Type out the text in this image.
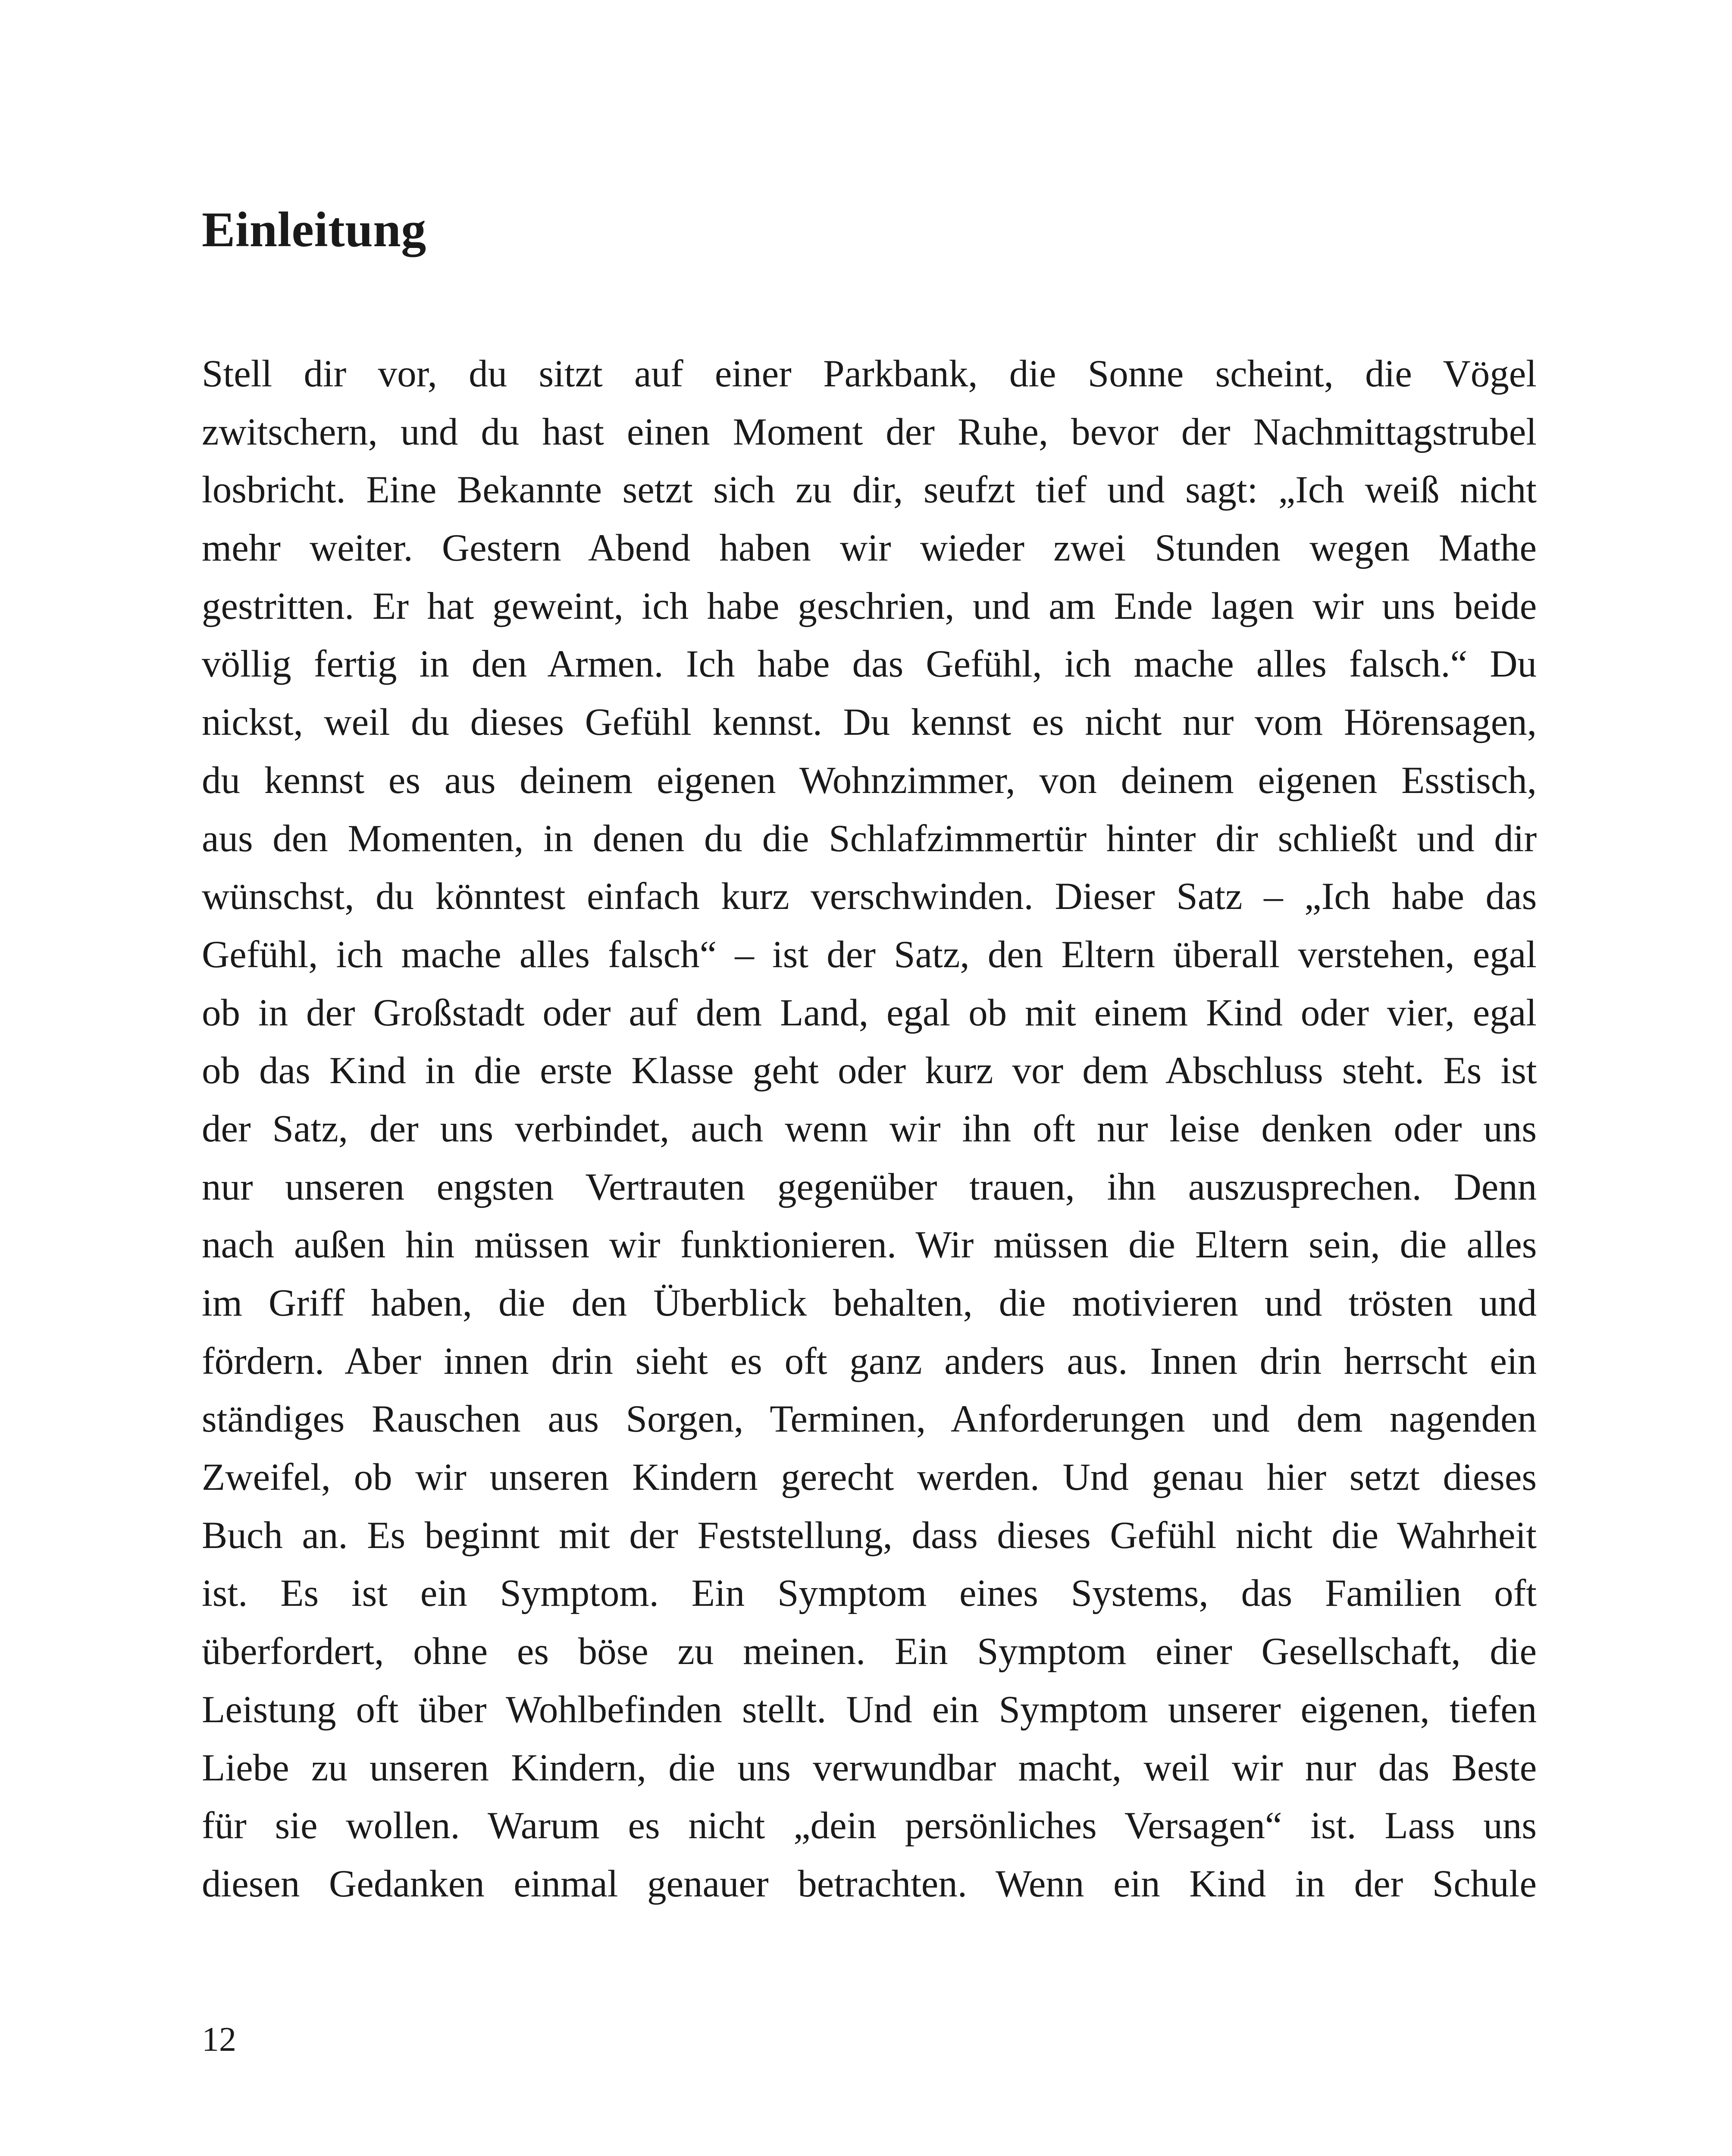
Einleitung
Stell dir vor, du sitzt auf einer Parkbank, die Sonne scheint, die Vögel
zwitschern, und du hast einen Moment der Ruhe, bevor der Nachmittagstrubel
losbricht. Eine Bekannte setzt sich zu dir, seufzt tief und sagt: „Ich weiß nicht
mehr weiter. Gestern Abend haben wir wieder zwei Stunden wegen Mathe
gestritten. Er hat geweint, ich habe geschrien, und am Ende lagen wir uns beide
völlig fertig in den Armen. Ich habe das Gefühl, ich mache alles falsch.“ Du
nickst, weil du dieses Gefühl kennst. Du kennst es nicht nur vom Hörensagen,
du kennst es aus deinem eigenen Wohnzimmer, von deinem eigenen Esstisch,
aus den Momenten, in denen du die Schlafzimmertür hinter dir schließt und dir
wünschst, du könntest einfach kurz verschwinden. Dieser Satz – „Ich habe das
Gefühl, ich mache alles falsch“ – ist der Satz, den Eltern überall verstehen, egal
ob in der Großstadt oder auf dem Land, egal ob mit einem Kind oder vier, egal
ob das Kind in die erste Klasse geht oder kurz vor dem Abschluss steht. Es ist
der Satz, der uns verbindet, auch wenn wir ihn oft nur leise denken oder uns
nur unseren engsten Vertrauten gegenüber trauen, ihn auszusprechen. Denn
nach außen hin müssen wir funktionieren. Wir müssen die Eltern sein, die alles
im Griff haben, die den Überblick behalten, die motivieren und trösten und
fördern. Aber innen drin sieht es oft ganz anders aus. Innen drin herrscht ein
ständiges Rauschen aus Sorgen, Terminen, Anforderungen und dem nagenden
Zweifel, ob wir unseren Kindern gerecht werden. Und genau hier setzt dieses
Buch an. Es beginnt mit der Feststellung, dass dieses Gefühl nicht die Wahrheit
ist. Es ist ein Symptom. Ein Symptom eines Systems, das Familien oft
überfordert, ohne es böse zu meinen. Ein Symptom einer Gesellschaft, die
Leistung oft über Wohlbefinden stellt. Und ein Symptom unserer eigenen, tiefen
Liebe zu unseren Kindern, die uns verwundbar macht, weil wir nur das Beste
für sie wollen. Warum es nicht „dein persönliches Versagen“ ist. Lass uns
diesen Gedanken einmal genauer betrachten. Wenn ein Kind in der Schule
12
